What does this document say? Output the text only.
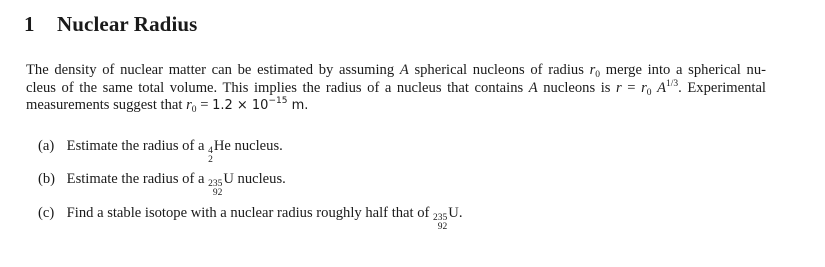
1 Nuclear Radius
The density of nuclear matter can be estimated by assuming A spherical nucleons of radius $r_0$ merge into a spherical nu-
cleus of the same total volume. This implies the radius of a nucleus that contains A nucleons is $r = r_0$ $A^{1/3}$. Experimental
measurements suggest that $r_0 = 1.2 \times 10^{-15}$ m.
(a) Estimate the radius of a 4
2
He nucleus.
(b) Estimate the radius of a 235
92
U nucleus.
(c) Find a stable isotope with a nuclear radius roughly half that of 235
92
U.
